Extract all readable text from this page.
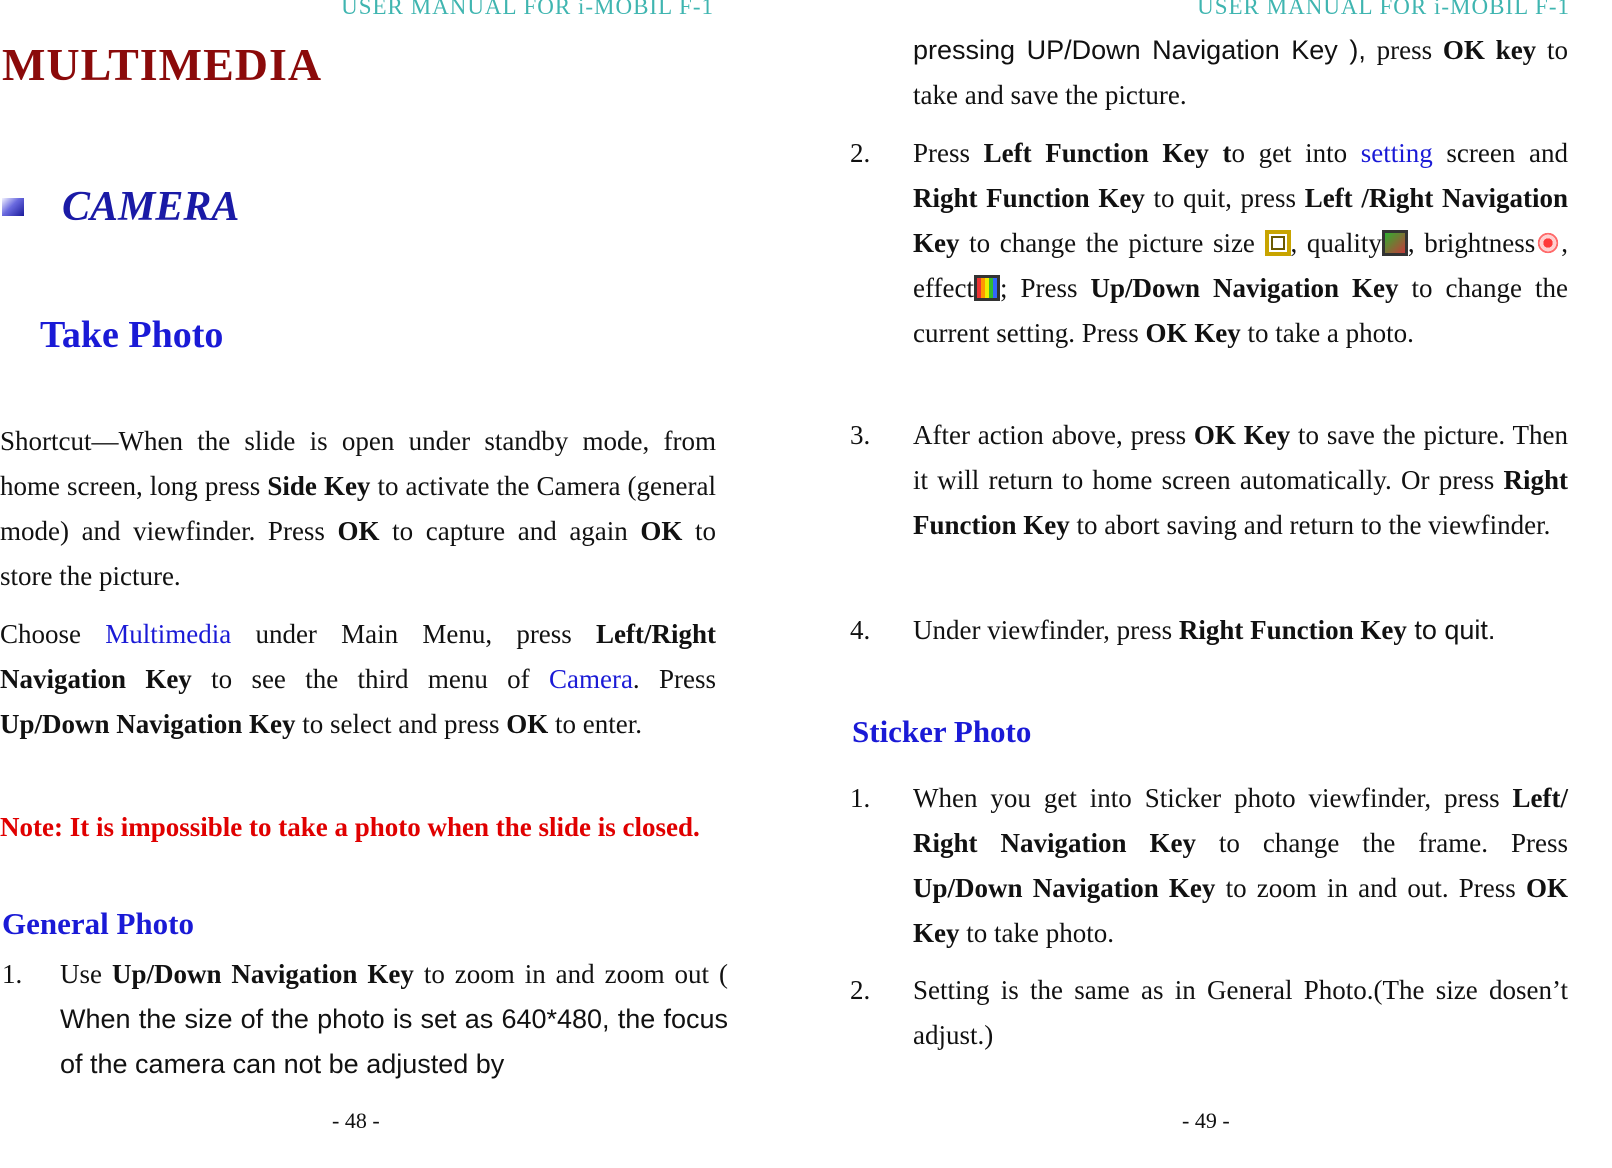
USER MANUAL FOR i-MOBIL F-1
MULTIMEDIA
CAMERA
Take Photo

Shortcut—When the slide is open under standby mode, from home screen, long press Side Key to activate the Camera (general mode) and viewfinder. Press OK to capture and again OK to store the picture.

Choose Multimedia under Main Menu, press Left/Right Navigation Key to see the third menu of Camera. Press Up/Down Navigation Key to select and press OK to enter.

Note: It is impossible to take a photo when the slide is closed.

General Photo
1. Use Up/Down Navigation Key to zoom in and zoom out ( When the size of the photo is set as 640*480, the focus of the camera can not be adjusted by
- 48 -
USER MANUAL FOR i-MOBIL F-1
pressing UP/Down Navigation Key ), press OK key to take and save the picture.
2. Press Left Function Key to get into setting screen and Right Function Key to quit, press Left /Right Navigation Key to change the picture size , quality , brightness , effect ; Press Up/Down Navigation Key to change the current setting. Press OK Key to take a photo.
3. After action above, press OK Key to save the picture. Then it will return to home screen automatically. Or press Right Function Key to abort saving and return to the viewfinder.
4. Under viewfinder, press Right Function Key to quit.
Sticker Photo
1. When you get into Sticker photo viewfinder, press Left/ Right Navigation Key to change the frame. Press Up/Down Navigation Key to zoom in and out. Press OK Key to take photo.
2. Setting is the same as in General Photo.(The size dosen’t adjust.)
- 49 -
